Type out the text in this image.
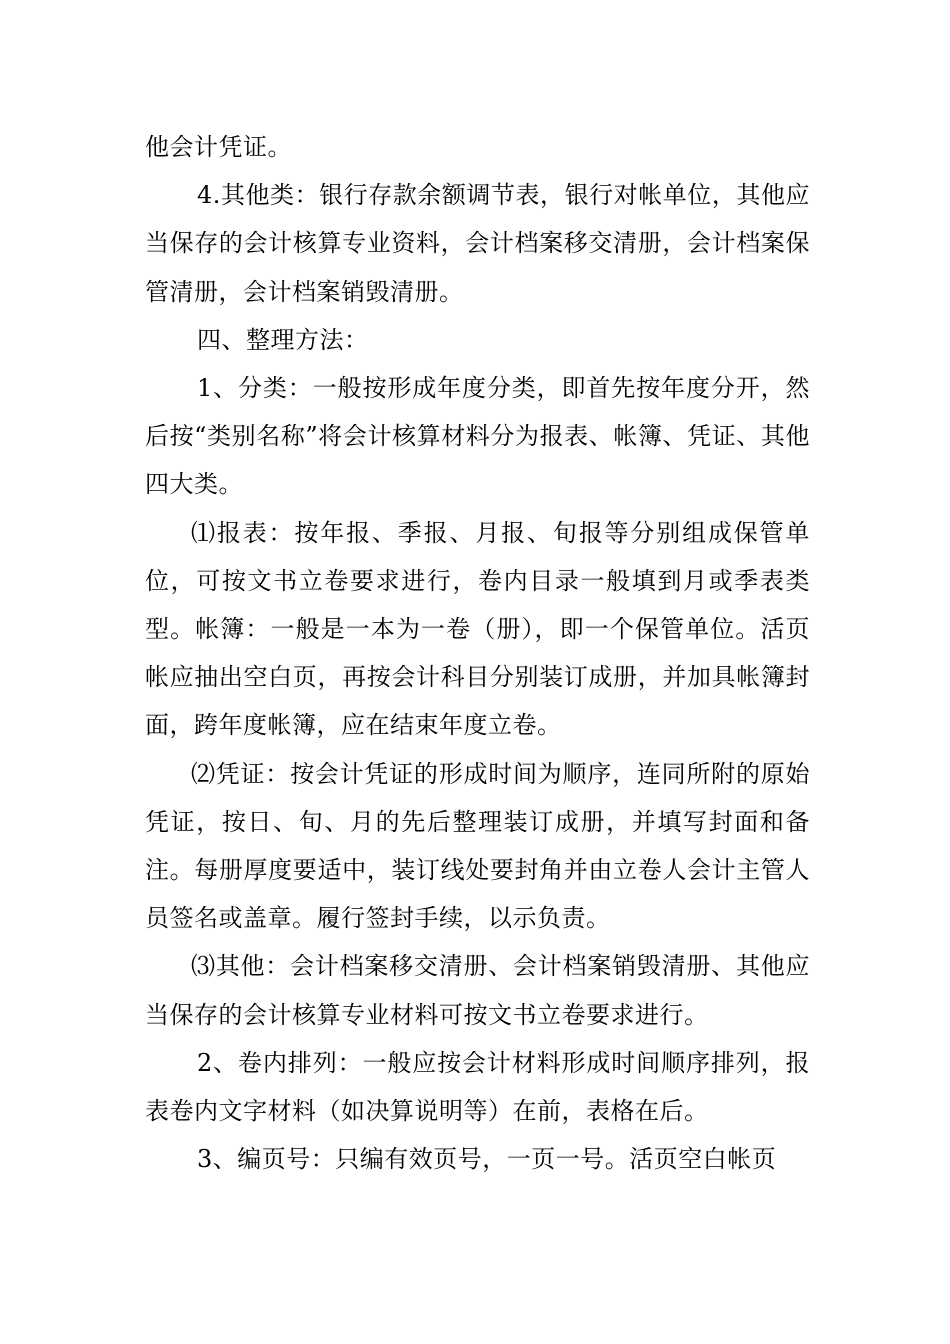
他会计凭证。

4.其他类：银行存款余额调节表，银行对帐单位，其他应当保存的会计核算专业资料，会计档案移交清册，会计档案保管清册，会计档案销毁清册。

四、整理方法：

1、分类：一般按形成年度分类，即首先按年度分开，然后按“类别名称”将会计核算材料分为报表、帐簿、凭证、其他四大类。

⑴报表：按年报、季报、月报、旬报等分别组成保管单位，可按文书立卷要求进行，卷内目录一般填到月或季表类型。帐簿：一般是一本为一卷（册），即一个保管单位。活页帐应抽出空白页，再按会计科目分别装订成册，并加具帐簿封面，跨年度帐簿，应在结束年度立卷。

⑵凭证：按会计凭证的形成时间为顺序，连同所附的原始凭证，按日、旬、月的先后整理装订成册，并填写封面和备注。每册厚度要适中，装订线处要封角并由立卷人会计主管人员签名或盖章。履行签封手续，以示负责。

⑶其他：会计档案移交清册、会计档案销毁清册、其他应当保存的会计核算专业材料可按文书立卷要求进行。

2、卷内排列：一般应按会计材料形成时间顺序排列，报表卷内文字材料（如决算说明等）在前，表格在后。

3、编页号：只编有效页号，一页一号。活页空白帐页
